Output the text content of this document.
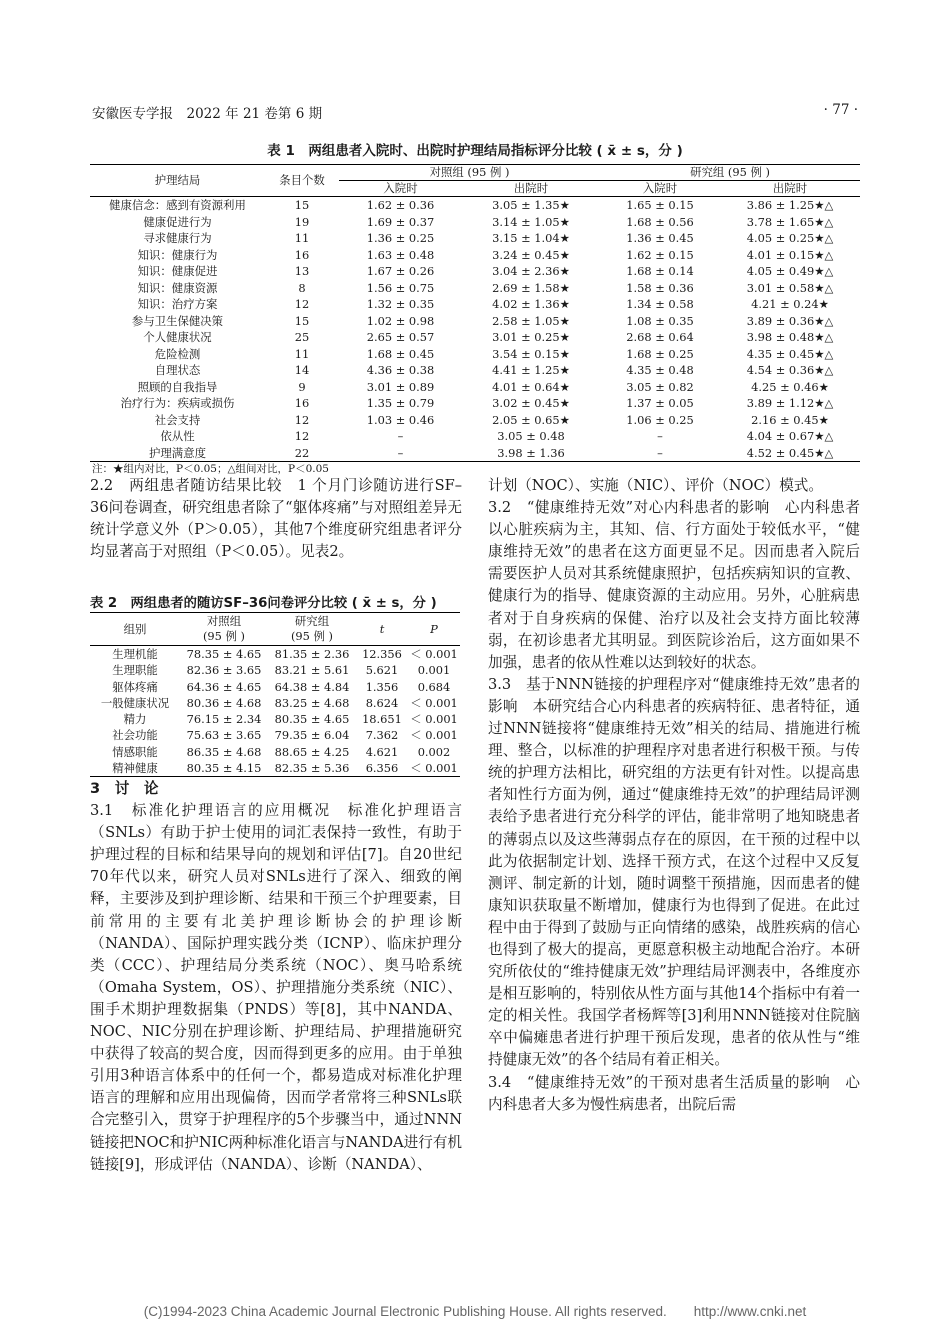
安徽医专学报　2022 年 21 卷第 6 期	· 77 ·
表 1　两组患者入院时、出院时护理结局指标评分比较 ( x̄ ± s，分 )
护理结局	条目个数	对照组 (95 例 )		研究组 (95 例 )	
		入院时	出院时	入院时	出院时
健康信念：感到有资源利用	15	1.62 ± 0.36	3.05 ± 1.35★	1.65 ± 0.15	3.86 ± 1.25★△
健康促进行为	19	1.69 ± 0.37	3.14 ± 1.05★	1.68 ± 0.56	3.78 ± 1.65★△
寻求健康行为	11	1.36 ± 0.25	3.15 ± 1.04★	1.36 ± 0.45	4.05 ± 0.25★△
知识：健康行为	16	1.63 ± 0.48	3.24 ± 0.45★	1.62 ± 0.15	4.01 ± 0.15★△
知识：健康促进	13	1.67 ± 0.26	3.04 ± 2.36★	1.68 ± 0.14	4.05 ± 0.49★△
知识：健康资源	8	1.56 ± 0.75	2.69 ± 1.58★	1.58 ± 0.36	3.01 ± 0.58★△
知识：治疗方案	12	1.32 ± 0.35	4.02 ± 1.36★	1.34 ± 0.58	4.21 ± 0.24★
参与卫生保健决策	15	1.02 ± 0.98	2.58 ± 1.05★	1.08 ± 0.35	3.89 ± 0.36★△
个人健康状况	25	2.65 ± 0.57	3.01 ± 0.25★	2.68 ± 0.64	3.98 ± 0.48★△
危险检测	11	1.68 ± 0.45	3.54 ± 0.15★	1.68 ± 0.25	4.35 ± 0.45★△
自理状态	14	4.36 ± 0.38	4.41 ± 1.25★	4.35 ± 0.48	4.54 ± 0.36★△
照顾的自我指导	9	3.01 ± 0.89	4.01 ± 0.64★	3.05 ± 0.82	4.25 ± 0.46★
治疗行为：疾病或损伤	16	1.35 ± 0.79	3.02 ± 0.45★	1.37 ± 0.05	3.89 ± 1.12★△
社会支持	12	1.03 ± 0.46	2.05 ± 0.65★	1.06 ± 0.25	2.16 ± 0.45★
依从性	12	–	3.05 ± 0.48	–	4.04 ± 0.67★△
护理满意度	22	–	3.98 ± 1.36	–	4.52 ± 0.45★△
注：★组内对比，P＜0.05；△组间对比，P＜0.05

2.2　两组患者随访结果比较　1 个月门诊随访进行SF–36问卷调查，研究组患者除了“躯体疼痛”与对照组差异无统计学意义外（P＞0.05），其他7个维度研究组患者评分均显著高于对照组（P＜0.05）。见表2。

表 2　两组患者的随访SF–36问卷评分比较 ( x̄ ± s，分 )
组别	对照组
(95 例 )	研究组
(95 例 )	t	P
生理机能	78.35 ± 4.65	81.35 ± 2.36	12.356	＜ 0.001
生理职能	82.36 ± 3.65	83.21 ± 5.61	5.621	0.001
躯体疼痛	64.36 ± 4.65	64.38 ± 4.84	1.356	0.684
一般健康状况	80.36 ± 4.68	83.25 ± 4.68	8.624	＜ 0.001
精力	76.15 ± 2.34	80.35 ± 4.65	18.651	＜ 0.001
社会功能	75.63 ± 3.65	79.35 ± 6.04	7.362	＜ 0.001
情感职能	86.35 ± 4.68	88.65 ± 4.25	4.621	0.002
精神健康	80.35 ± 4.15	82.35 ± 5.36	6.356	＜ 0.001

3　讨　论

3.1　标准化护理语言的应用概况　标准化护理语言（SNLs）有助于护士使用的词汇表保持一致性，有助于护理过程的目标和结果导向的规划和评估[7]。自20世纪70年代以来，研究人员对SNLs进行了深入、细致的阐释，主要涉及到护理诊断、结果和干预三个护理要素，目前常用的主要有北美护理诊断协会的护理诊断（NANDA）、国际护理实践分类（ICNP）、临床护理分类（CCC）、护理结局分类系统（NOC）、奥马哈系统（Omaha System，OS）、护理措施分类系统（NIC）、围手术期护理数据集（PNDS）等[8]，其中NANDA、NOC、NIC分别在护理诊断、护理结局、护理措施研究中获得了较高的契合度，因而得到更多的应用。由于单独引用3种语言体系中的任何一个，都易造成对标准化护理语言的理解和应用出现偏倚，因而学者常将三种SNLs联合完整引入，贯穿于护理程序的5个步骤当中，通过NNN链接把NOC和护NIC两种标准化语言与NANDA进行有机链接[9]，形成评估（NANDA）、诊断（NANDA）、

计划（NOC）、实施（NIC）、评价（NOC）模式。

3.2　“健康维持无效”对心内科患者的影响　心内科患者以心脏疾病为主，其知、信、行方面处于较低水平，“健康维持无效”的患者在这方面更显不足。因而患者入院后需要医护人员对其系统健康照护，包括疾病知识的宣教、健康行为的指导、健康资源的主动应用。另外，心脏病患者对于自身疾病的保健、治疗以及社会支持方面比较薄弱，在初诊患者尤其明显。到医院诊治后，这方面如果不加强，患者的依从性难以达到较好的状态。

3.3　基于NNN链接的护理程序对“健康维持无效”患者的影响　本研究结合心内科患者的疾病特征、患者特征，通过NNN链接将“健康维持无效”相关的结局、措施进行梳理、整合，以标准的护理程序对患者进行积极干预。与传统的护理方法相比，研究组的方法更有针对性。以提高患者知性行方面为例，通过“健康维持无效”的护理结局评测表给予患者进行充分科学的评估，能非常明了地知晓患者的薄弱点以及这些薄弱点存在的原因，在干预的过程中以此为依据制定计划、选择干预方式，在这个过程中又反复测评、制定新的计划，随时调整干预措施，因而患者的健康知识获取量不断增加，健康行为也得到了促进。在此过程中由于得到了鼓励与正向情绪的感染，战胜疾病的信心也得到了极大的提高，更愿意积极主动地配合治疗。本研究所依仗的“维持健康无效”护理结局评测表中，各维度亦是相互影响的，特别依从性方面与其他14个指标中有着一定的相关性。我国学者杨辉等[3]利用NNN链接对住院脑卒中偏瘫患者进行护理干预后发现，患者的依从性与“维持健康无效”的各个结局有着正相关。

3.4　“健康维持无效”的干预对患者生活质量的影响　心内科患者大多为慢性病患者，出院后需

(C)1994-2023 China Academic Journal Electronic Publishing House. All rights reserved.　　http://www.cnki.net
